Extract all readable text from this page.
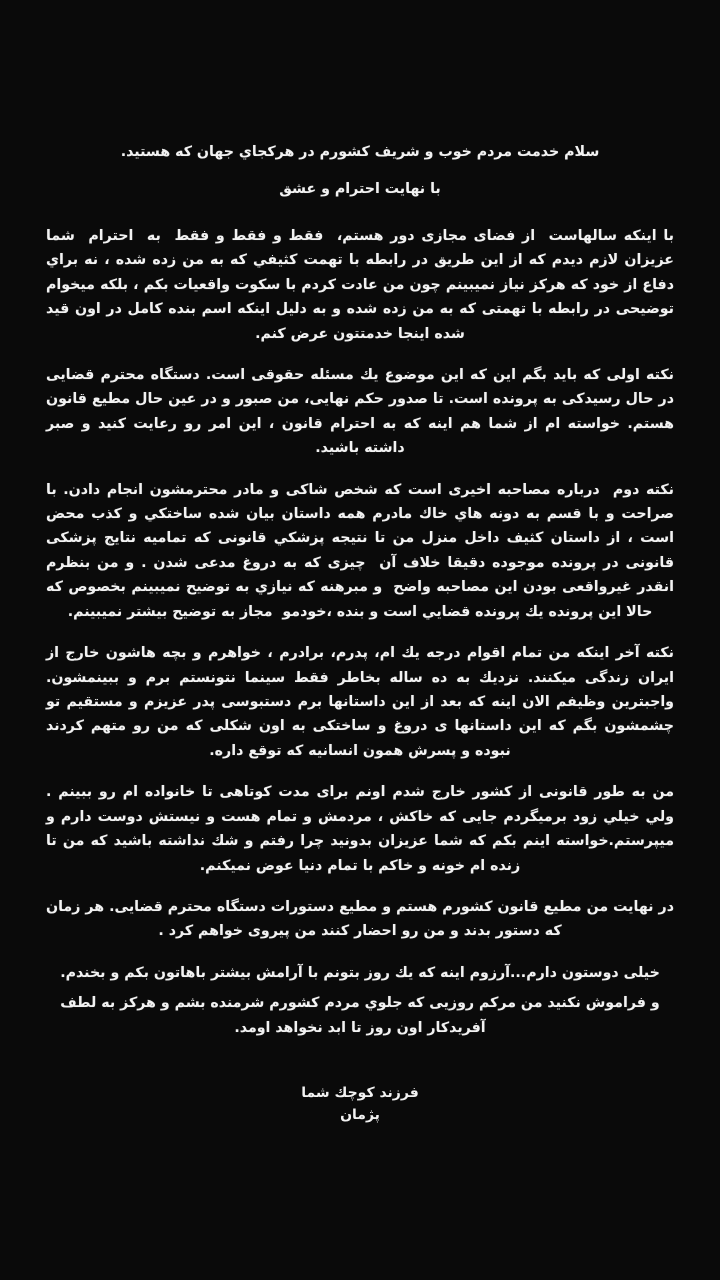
سلام خدمت مردم خوب و شريف كشورم در هركجاي جهان كه هستيد.

با نهايت احترام و عشق

با اينكه سالهاست  از فضاى مجازى دور هستم،  فقط و فقط و فقط  به  احترام  شما عزيزان لازم ديدم كه از اين طريق در رابطه با تهمت كثيفي كه به من زده شده ، نه براي دفاع از خود كه هركز نياز نميبينم چون من عادت كردم با سكوت واقعيات بكم ، بلكه ميخوام توضيحى در رابطه با تهمتى كه به من زده شده و به دليل اينكه اسم بنده كامل در اون قيد شده اينجا خدمتتون عرض كنم.

نكته اولى كه بايد بگم اين كه اين موضوع يك مسئله حقوقى است. دستگاه محترم قضايى در حال رسيدكى به پرونده است. تا صدور حكم نهايى، من صبور و در عين حال مطيع قانون هستم. خواسته ام از شما هم اينه كه به احترام قانون ، اين امر رو رعايت كنيد و صبر داشته باشيد.

نكته دوم  درباره مصاحبه اخيرى است كه شخص شاكى و مادر محترمشون انجام دادن. با صراحت و با قسم به دونه هاي خاك مادرم همه داستان بيان شده ساختكي و كذب محض است ، از داستان كثيف داخل منزل من تا نتيجه پزشكي قانونى كه تماميه نتايج پزشكى قانونى در پرونده موجوده دقيقا خلاف آن  چيزى كه به دروغ مدعى شدن ‌. و من بنظرم انقدر غيرواقعى بودن اين مصاحبه واضح  و مبرهنه كه نيازي به توضيح نميبينم بخصوص كه حالا اين پرونده يك پرونده قضايي است و بنده ،خودمو  مجاز به توضيح بيشتر نميبينم.

نكته آخر اينكه من تمام اقوام درجه يك ام، پدرم، برادرم ، خواهرم و بچه هاشون خارج از ايران زندگى ميكنند. نزديك به ده ساله بخاطر فقط سينما نتونستم برم و ببينمشون. واجبترين وظيفم الان اينه كه بعد از اين داستانها برم دستبوسى پدر عزيزم و مستقيم تو چشمشون بگم كه اين داستانها ى دروغ و ساختكى به اون شكلى كه من رو متهم كردند نبوده و پسرش همون انسانيه كه توقع داره.

من به طور قانونى از كشور خارج شدم اونم براى مدت كوتاهى تا خانواده ام رو ببينم . ولي خيلي زود برميگردم جايى كه خاكش ، مردمش و تمام هست و نيستش دوست دارم و ميپرستم.خواسته اينم بكم كه شما عزيزان بدونيد چرا رفتم و شك نداشته باشيد كه من تا زنده ام خونه و خاكم با تمام دنيا عوض نميكنم.

در نهايت من مطيع قانون كشورم هستم و مطيع دستورات دستگاه محترم قضايى. هر زمان كه دستور بدند و من رو احضار كنند من پيروى خواهم كرد ‌.

خيلى دوستون دارم...آرزوم اينه كه يك روز بتونم با آرامش بيشتر باهاتون بكم و بخندم.

و فراموش نكنيد من مركم روزيى كه جلوي مردم كشورم شرمنده بشم و هركز به لطف آفريدكار اون روز تا ابد نخواهد اومد.

فرزند كوچك شما
پژمان
